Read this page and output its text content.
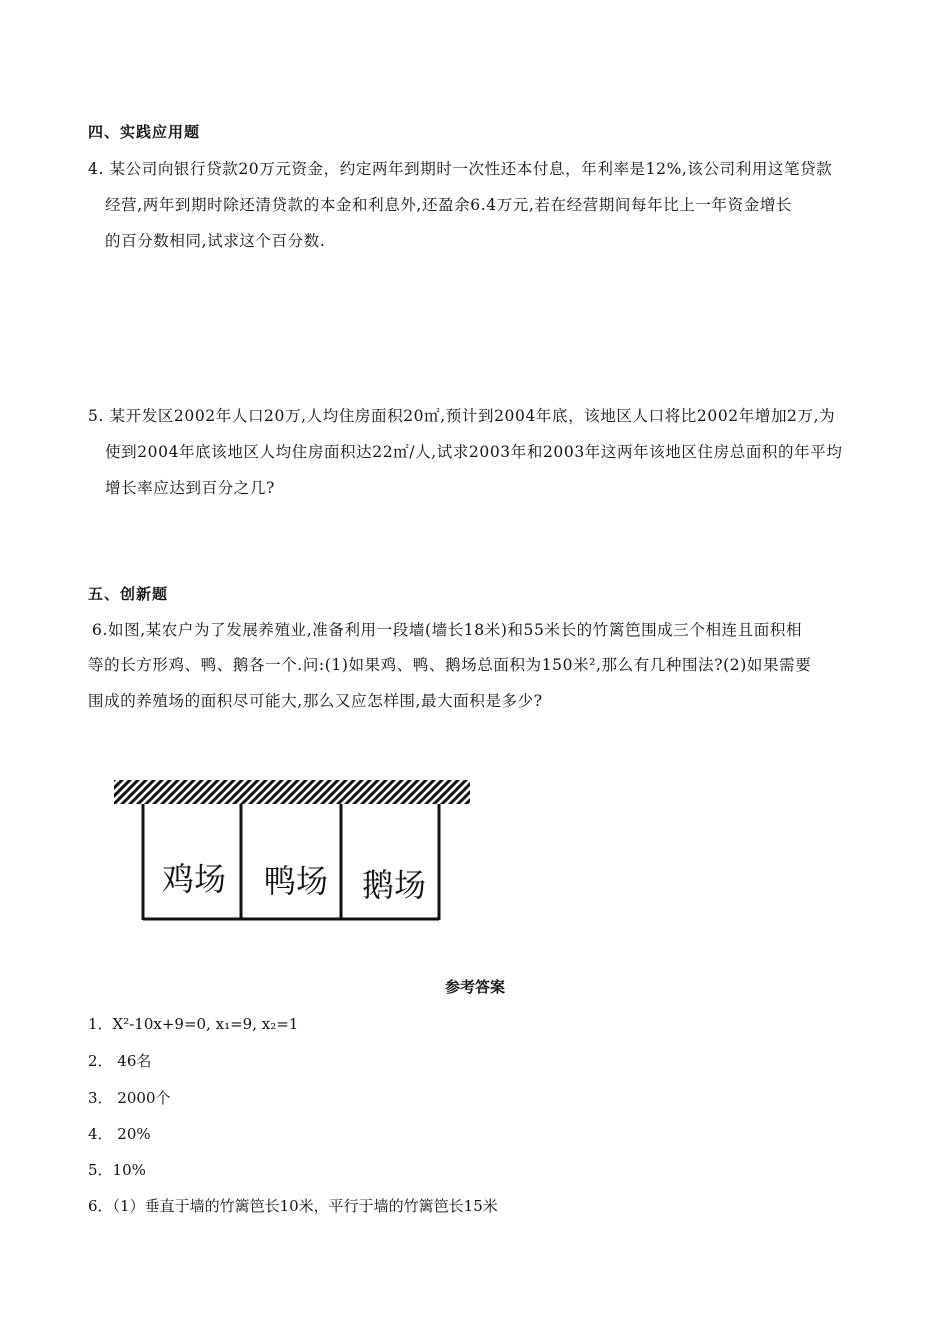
四、实践应用题
4. 某公司向银行贷款20万元资金，约定两年到期时一次性还本付息，年利率是12%,该公司利用这笔贷款
经营,两年到期时除还清贷款的本金和利息外,还盈余6.4万元,若在经营期间每年比上一年资金增长
的百分数相同,试求这个百分数.
5. 某开发区2002年人口20万,人均住房面积20㎡,预计到2004年底，该地区人口将比2002年增加2万,为
使到2004年底该地区人均住房面积达22㎡/人,试求2003年和2003年这两年该地区住房总面积的年平均
增长率应达到百分之几?
五、创新题
6.如图,某农户为了发展养殖业,准备利用一段墙(墙长18米)和55米长的竹篱笆围成三个相连且面积相
等的长方形鸡、鸭、鹅各一个.问:(1)如果鸡、鸭、鹅场总面积为150米²,那么有几种围法?(2)如果需要
围成的养殖场的面积尽可能大,那么又应怎样围,最大面积是多少?
鸡场 鸭场 鹅场
参考答案
1．X²-10x+9=0, x₁=9, x₂=1
2． 46名
3． 2000个
4． 20%
5．10%
6．（1）垂直于墙的竹篱笆长10米，平行于墙的竹篱笆长15米
